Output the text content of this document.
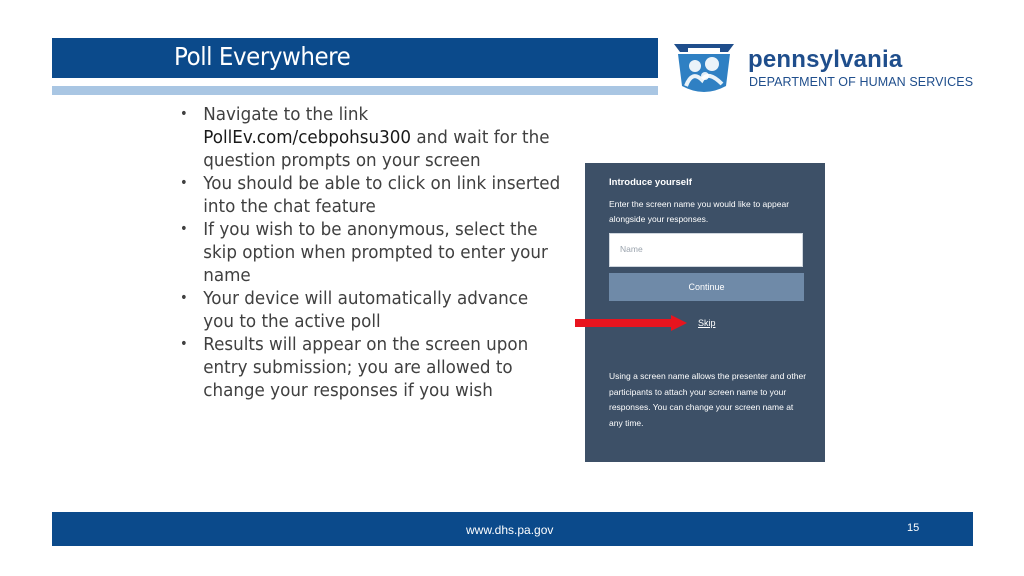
Poll Everywhere	pennsylvania
DEPARTMENT OF HUMAN SERVICES
• Navigate to the link PollEv.com/cebpohsu300 and wait for the question prompts on your screen
• You should be able to click on link inserted into the chat feature
• If you wish to be anonymous, select the skip option when prompted to enter your name
• Your device will automatically advance you to the active poll
• Results will appear on the screen upon entry submission; you are allowed to change your responses if you wish
Introduce yourself
Enter the screen name you would like to appear alongside your responses.
Name
Continue
Skip
Using a screen name allows the presenter and other participants to attach your screen name to your responses. You can change your screen name at any time.
www.dhs.pa.gov	15
